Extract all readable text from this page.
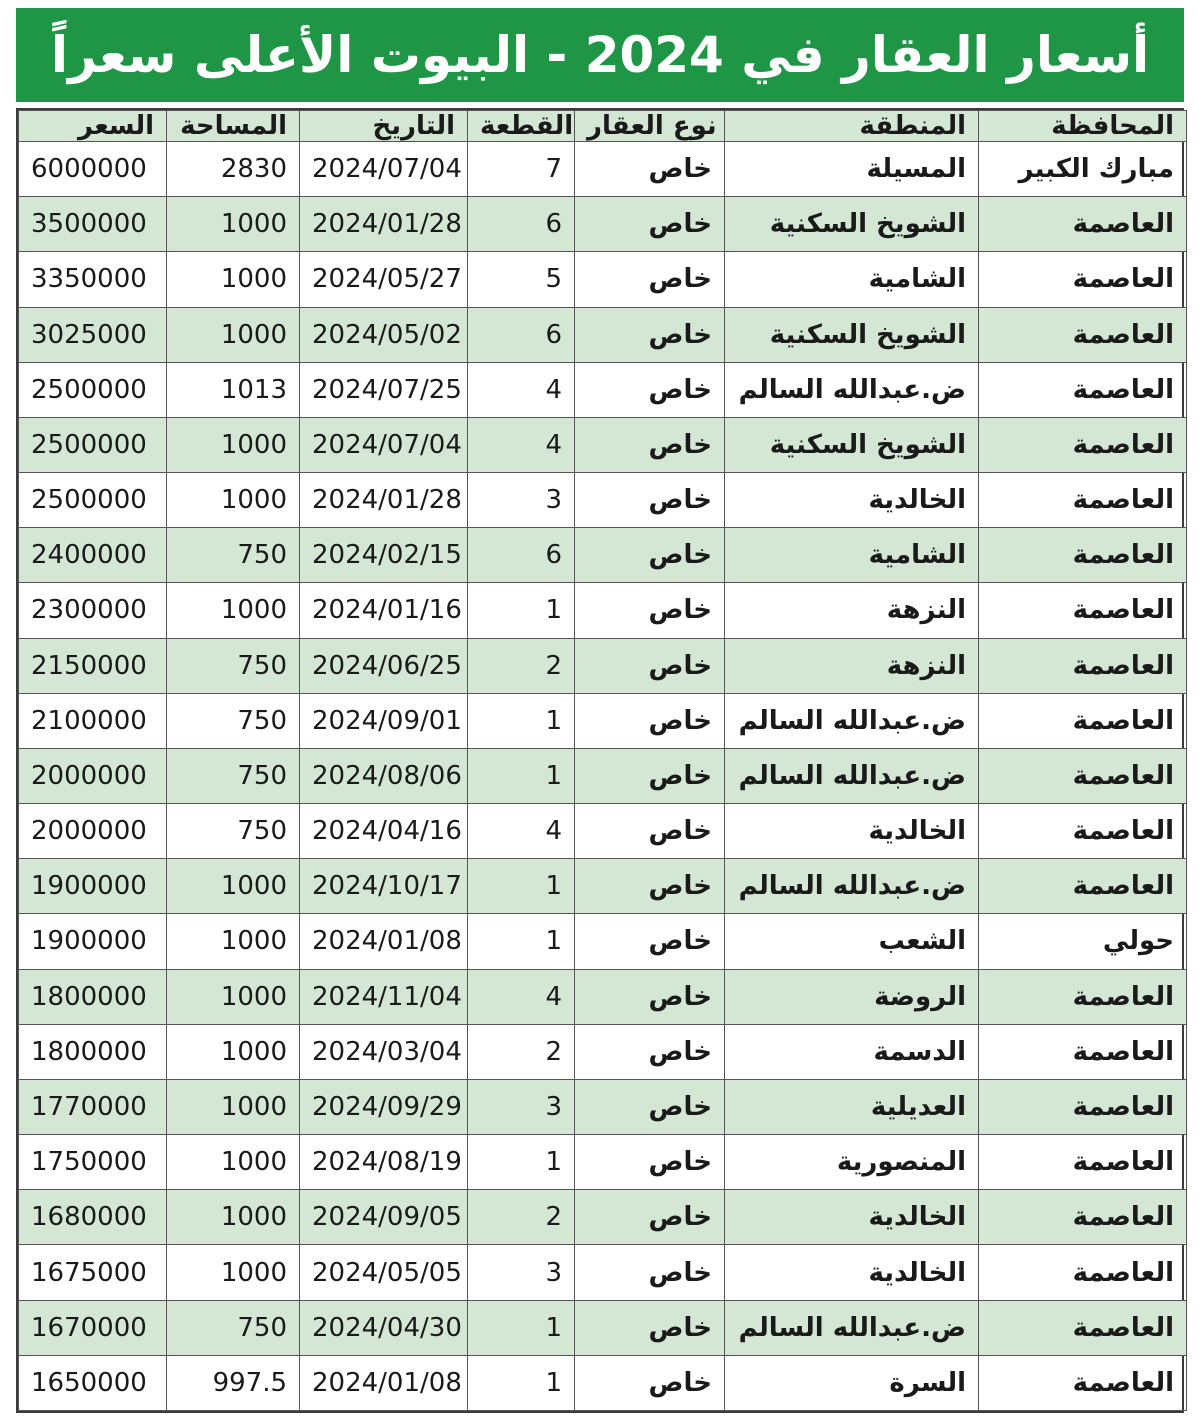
أسعار العقار في 2024 - البيوت الأعلى سعراً
السعر	المساحة	التاريخ	القطعة	نوع العقار	المنطقة	المحافظة
6000000	2830	2024/07/04	7	خاص	المسيلة	مبارك الكبير
3500000	1000	2024/01/28	6	خاص	الشويخ السكنية	العاصمة
3350000	1000	2024/05/27	5	خاص	الشامية	العاصمة
3025000	1000	2024/05/02	6	خاص	الشويخ السكنية	العاصمة
2500000	1013	2024/07/25	4	خاص	ض.عبدالله السالم	العاصمة
2500000	1000	2024/07/04	4	خاص	الشويخ السكنية	العاصمة
2500000	1000	2024/01/28	3	خاص	الخالدية	العاصمة
2400000	750	2024/02/15	6	خاص	الشامية	العاصمة
2300000	1000	2024/01/16	1	خاص	النزهة	العاصمة
2150000	750	2024/06/25	2	خاص	النزهة	العاصمة
2100000	750	2024/09/01	1	خاص	ض.عبدالله السالم	العاصمة
2000000	750	2024/08/06	1	خاص	ض.عبدالله السالم	العاصمة
2000000	750	2024/04/16	4	خاص	الخالدية	العاصمة
1900000	1000	2024/10/17	1	خاص	ض.عبدالله السالم	العاصمة
1900000	1000	2024/01/08	1	خاص	الشعب	حولي
1800000	1000	2024/11/04	4	خاص	الروضة	العاصمة
1800000	1000	2024/03/04	2	خاص	الدسمة	العاصمة
1770000	1000	2024/09/29	3	خاص	العديلية	العاصمة
1750000	1000	2024/08/19	1	خاص	المنصورية	العاصمة
1680000	1000	2024/09/05	2	خاص	الخالدية	العاصمة
1675000	1000	2024/05/05	3	خاص	الخالدية	العاصمة
1670000	750	2024/04/30	1	خاص	ض.عبدالله السالم	العاصمة
1650000	997.5	2024/01/08	1	خاص	السرة	العاصمة
